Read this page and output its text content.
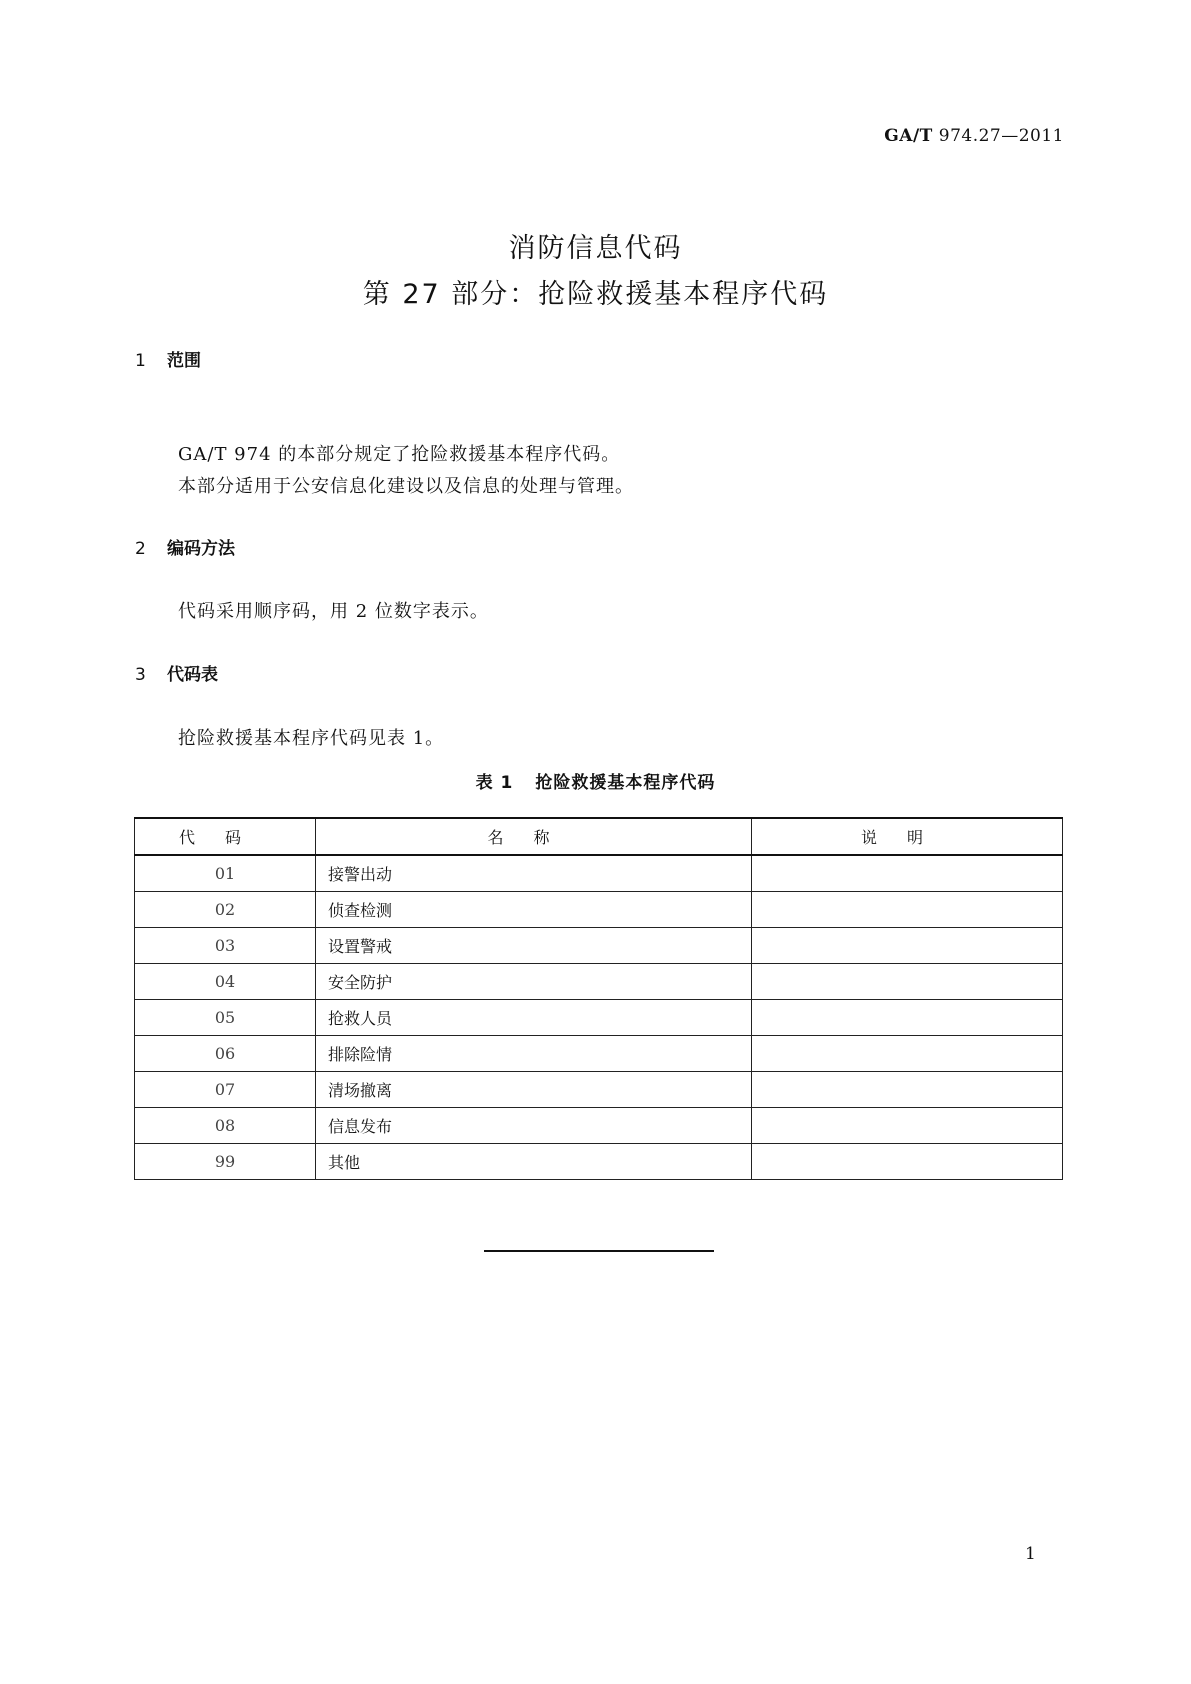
GA/T 974.27—2011
消防信息代码
第 27 部分：抢险救援基本程序代码
1 范围
GA/T 974 的本部分规定了抢险救援基本程序代码。
本部分适用于公安信息化建设以及信息的处理与管理。
2 编码方法
代码采用顺序码，用 2 位数字表示。
3 代码表
抢险救援基本程序代码见表 1。
表 1 抢险救援基本程序代码
代码	名称	说明
01	接警出动	
02	侦查检测	
03	设置警戒	
04	安全防护	
05	抢救人员	
06	排除险情	
07	清场撤离	
08	信息发布	
99	其他	
1
